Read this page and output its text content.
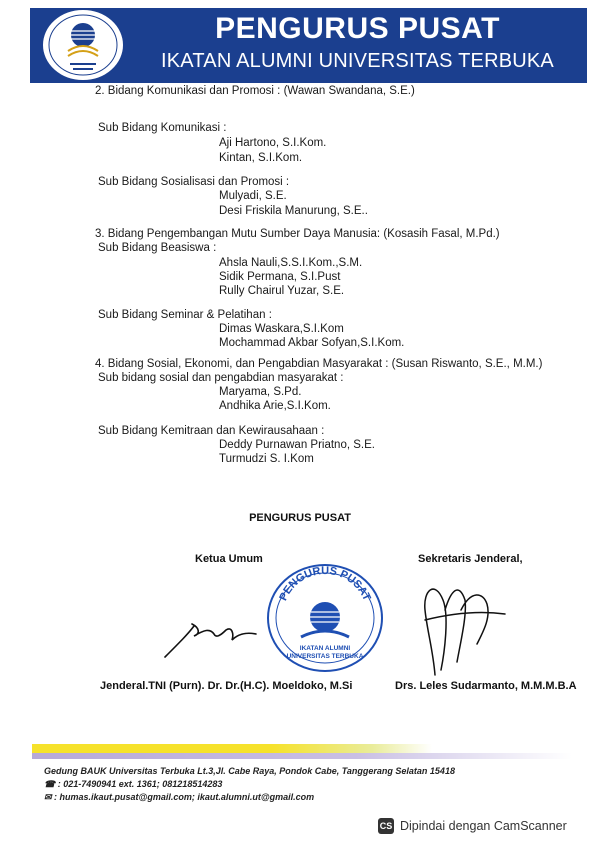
PENGURUS PUSAT
IKATAN ALUMNI UNIVERSITAS TERBUKA
2. Bidang Komunikasi dan Promosi : (Wawan Swandana, S.E.)
Sub Bidang Komunikasi :
Aji Hartono, S.I.Kom.
Kintan, S.I.Kom.
Sub Bidang Sosialisasi dan Promosi :
Mulyadi, S.E.
Desi Friskila Manurung, S.E..
3. Bidang Pengembangan Mutu Sumber Daya Manusia: (Kosasih Fasal, M.Pd.)
Sub Bidang Beasiswa :
Ahsla Nauli,S.S.I.Kom.,S.M.
Sidik Permana, S.I.Pust
Rully Chairul Yuzar, S.E.
Sub Bidang Seminar & Pelatihan :
Dimas Waskara,S.I.Kom
Mochammad Akbar Sofyan,S.I.Kom.
4. Bidang Sosial, Ekonomi, dan Pengabdian Masyarakat : (Susan Riswanto, S.E., M.M.)
Sub bidang sosial dan pengabdian masyarakat :
Maryama, S.Pd.
Andhika Arie,S.I.Kom.
Sub Bidang Kemitraan dan Kewirausahaan :
Deddy Purnawan Priatno, S.E.
Turmudzi S. I.Kom
PENGURUS PUSAT
Ketua Umum	Sekretaris Jenderal,
PENGURUS PUSAT
IKATAN ALUMNI
UNIVERSITAS TERBUKA
Jenderal.TNI (Purn). Dr. Dr.(H.C). Moeldoko, M.Si	Drs. Leles Sudarmanto, M.M.M.B.A
Gedung BAUK Universitas Terbuka Lt.3,Jl. Cabe Raya, Pondok Cabe, Tanggerang Selatan 15418
☎ : 021-7490941 ext. 1361; 081218514283
✉ : humas.ikaut.pusat@gmail.com; ikaut.alumni.ut@gmail.com
CS Dipindai dengan CamScanner
